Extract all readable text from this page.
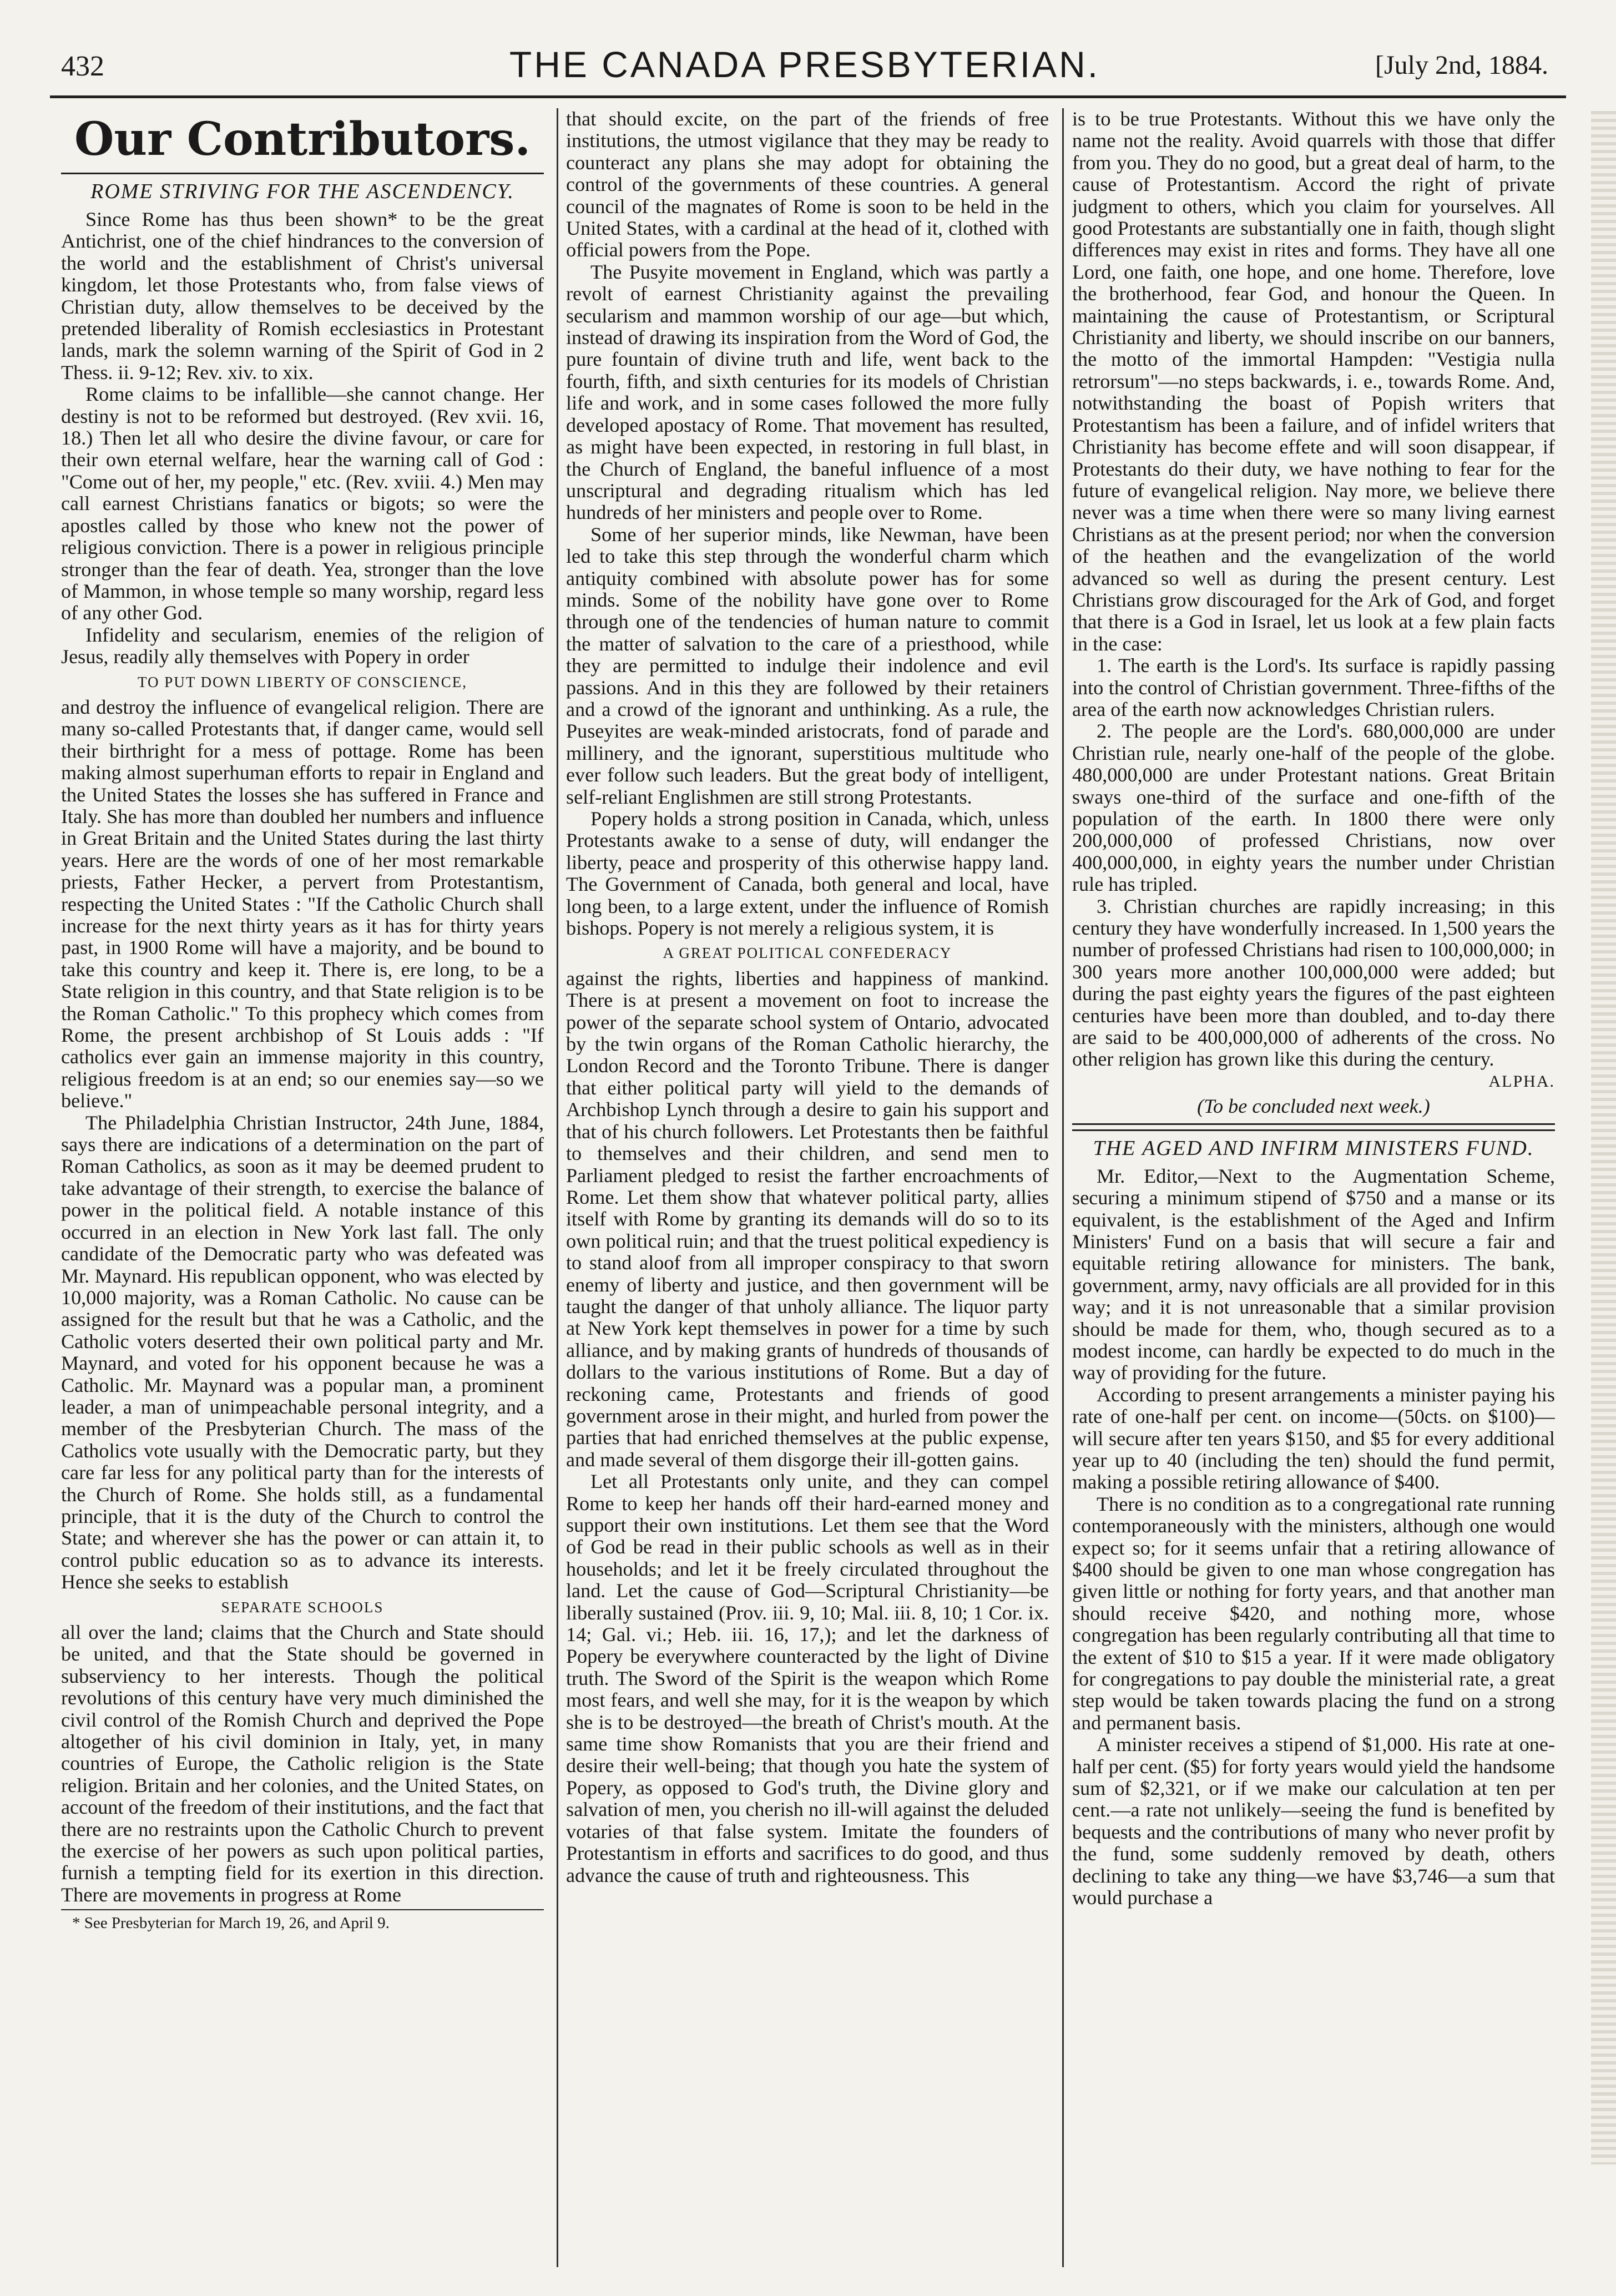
432	THE CANADA PRESBYTERIAN.	[July 2nd, 1884.
Our Contributors.
ROME STRIVING FOR THE ASCENDENCY.

Since Rome has thus been shown* to be the great Antichrist, one of the chief hindrances to the conversion of the world and the establishment of Christ's universal kingdom, let those Protestants who, from false views of Christian duty, allow themselves to be deceived by the pretended liberality of Romish ecclesiastics in Protestant lands, mark the solemn warning of the Spirit of God in 2 Thess. ii. 9-12; Rev. xiv. to xix.

Rome claims to be infallible—she cannot change. Her destiny is not to be reformed but destroyed. (Rev xvii. 16, 18.) Then let all who desire the divine favour, or care for their own eternal welfare, hear the warning call of God : "Come out of her, my people," etc. (Rev. xviii. 4.) Men may call earnest Christians fanatics or bigots; so were the apostles called by those who knew not the power of religious conviction. There is a power in religious principle stronger than the fear of death. Yea, stronger than the love of Mammon, in whose temple so many worship, regard less of any other God.

Infidelity and secularism, enemies of the religion of Jesus, readily ally themselves with Popery in order

TO PUT DOWN LIBERTY OF CONSCIENCE,

and destroy the influence of evangelical religion. There are many so-called Protestants that, if danger came, would sell their birthright for a mess of pottage. Rome has been making almost superhuman efforts to repair in England and the United States the losses she has suffered in France and Italy. She has more than doubled her numbers and influence in Great Britain and the United States during the last thirty years. Here are the words of one of her most remarkable priests, Father Hecker, a pervert from Protestantism, respecting the United States : "If the Catholic Church shall increase for the next thirty years as it has for thirty years past, in 1900 Rome will have a majority, and be bound to take this country and keep it. There is, ere long, to be a State religion in this country, and that State religion is to be the Roman Catholic." To this prophecy which comes from Rome, the present archbishop of St Louis adds : "If catholics ever gain an immense majority in this country, religious freedom is at an end; so our enemies say—so we believe."

The Philadelphia Christian Instructor, 24th June, 1884, says there are indications of a determination on the part of Roman Catholics, as soon as it may be deemed prudent to take advantage of their strength, to exercise the balance of power in the political field. A notable instance of this occurred in an election in New York last fall. The only candidate of the Democratic party who was defeated was Mr. Maynard. His republican opponent, who was elected by 10,000 majority, was a Roman Catholic. No cause can be assigned for the result but that he was a Catholic, and the Catholic voters deserted their own political party and Mr. Maynard, and voted for his opponent because he was a Catholic. Mr. Maynard was a popular man, a prominent leader, a man of unimpeachable personal integrity, and a member of the Presbyterian Church. The mass of the Catholics vote usually with the Democratic party, but they care far less for any political party than for the interests of the Church of Rome. She holds still, as a fundamental principle, that it is the duty of the Church to control the State; and wherever she has the power or can attain it, to control public education so as to advance its interests. Hence she seeks to establish

SEPARATE SCHOOLS

all over the land; claims that the Church and State should be united, and that the State should be governed in subserviency to her interests. Though the political revolutions of this century have very much diminished the civil control of the Romish Church and deprived the Pope altogether of his civil dominion in Italy, yet, in many countries of Europe, the Catholic religion is the State religion. Britain and her colonies, and the United States, on account of the freedom of their institutions, and the fact that there are no restraints upon the Catholic Church to prevent the exercise of her powers as such upon political parties, furnish a tempting field for its exertion in this direction. There are movements in progress at Rome

* See Presbyterian for March 19, 26, and April 9.

that should excite, on the part of the friends of free institutions, the utmost vigilance that they may be ready to counteract any plans she may adopt for obtaining the control of the governments of these countries. A general council of the magnates of Rome is soon to be held in the United States, with a cardinal at the head of it, clothed with official powers from the Pope.

The Pusyite movement in England, which was partly a revolt of earnest Christianity against the prevailing secularism and mammon worship of our age—but which, instead of drawing its inspiration from the Word of God, the pure fountain of divine truth and life, went back to the fourth, fifth, and sixth centuries for its models of Christian life and work, and in some cases followed the more fully developed apostacy of Rome. That movement has resulted, as might have been expected, in restoring in full blast, in the Church of England, the baneful influence of a most unscriptural and degrading ritualism which has led hundreds of her ministers and people over to Rome.

Some of her superior minds, like Newman, have been led to take this step through the wonderful charm which antiquity combined with absolute power has for some minds. Some of the nobility have gone over to Rome through one of the tendencies of human nature to commit the matter of salvation to the care of a priesthood, while they are permitted to indulge their indolence and evil passions. And in this they are followed by their retainers and a crowd of the ignorant and unthinking. As a rule, the Puseyites are weak-minded aristocrats, fond of parade and millinery, and the ignorant, superstitious multitude who ever follow such leaders. But the great body of intelligent, self-reliant Englishmen are still strong Protestants.

Popery holds a strong position in Canada, which, unless Protestants awake to a sense of duty, will endanger the liberty, peace and prosperity of this otherwise happy land. The Government of Canada, both general and local, have long been, to a large extent, under the influence of Romish bishops. Popery is not merely a religious system, it is

A GREAT POLITICAL CONFEDERACY

against the rights, liberties and happiness of mankind. There is at present a movement on foot to increase the power of the separate school system of Ontario, advocated by the twin organs of the Roman Catholic hierarchy, the London Record and the Toronto Tribune. There is danger that either political party will yield to the demands of Archbishop Lynch through a desire to gain his support and that of his church followers. Let Protestants then be faithful to themselves and their children, and send men to Parliament pledged to resist the farther encroachments of Rome. Let them show that whatever political party, allies itself with Rome by granting its demands will do so to its own political ruin; and that the truest political expediency is to stand aloof from all improper conspiracy to that sworn enemy of liberty and justice, and then government will be taught the danger of that unholy alliance. The liquor party at New York kept themselves in power for a time by such alliance, and by making grants of hundreds of thousands of dollars to the various institutions of Rome. But a day of reckoning came, Protestants and friends of good government arose in their might, and hurled from power the parties that had enriched themselves at the public expense, and made several of them disgorge their ill-gotten gains.

Let all Protestants only unite, and they can compel Rome to keep her hands off their hard-earned money and support their own institutions. Let them see that the Word of God be read in their public schools as well as in their households; and let it be freely circulated throughout the land. Let the cause of God—Scriptural Christianity—be liberally sustained (Prov. iii. 9, 10; Mal. iii. 8, 10; 1 Cor. ix. 14; Gal. vi.; Heb. iii. 16, 17,); and let the darkness of Popery be everywhere counteracted by the light of Divine truth. The Sword of the Spirit is the weapon which Rome most fears, and well she may, for it is the weapon by which she is to be destroyed—the breath of Christ's mouth. At the same time show Romanists that you are their friend and desire their well-being; that though you hate the system of Popery, as opposed to God's truth, the Divine glory and salvation of men, you cherish no ill-will against the deluded votaries of that false system. Imitate the founders of Protestantism in efforts and sacrifices to do good, and thus advance the cause of truth and righteousness. This

is to be true Protestants. Without this we have only the name not the reality. Avoid quarrels with those that differ from you. They do no good, but a great deal of harm, to the cause of Protestantism. Accord the right of private judgment to others, which you claim for yourselves. All good Protestants are substantially one in faith, though slight differences may exist in rites and forms. They have all one Lord, one faith, one hope, and one home. Therefore, love the brotherhood, fear God, and honour the Queen. In maintaining the cause of Protestantism, or Scriptural Christianity and liberty, we should inscribe on our banners, the motto of the immortal Hampden: "Vestigia nulla retrorsum"—no steps backwards, i. e., towards Rome. And, notwithstanding the boast of Popish writers that Protestantism has been a failure, and of infidel writers that Christianity has become effete and will soon disappear, if Protestants do their duty, we have nothing to fear for the future of evangelical religion. Nay more, we believe there never was a time when there were so many living earnest Christians as at the present period; nor when the conversion of the heathen and the evangelization of the world advanced so well as during the present century. Lest Christians grow discouraged for the Ark of God, and forget that there is a God in Israel, let us look at a few plain facts in the case:

1. The earth is the Lord's. Its surface is rapidly passing into the control of Christian government. Three-fifths of the area of the earth now acknowledges Christian rulers.

2. The people are the Lord's. 680,000,000 are under Christian rule, nearly one-half of the people of the globe. 480,000,000 are under Protestant nations. Great Britain sways one-third of the surface and one-fifth of the population of the earth. In 1800 there were only 200,000,000 of professed Christians, now over 400,000,000, in eighty years the number under Christian rule has tripled.

3. Christian churches are rapidly increasing; in this century they have wonderfully increased. In 1,500 years the number of professed Christians had risen to 100,000,000; in 300 years more another 100,000,000 were added; but during the past eighty years the figures of the past eighteen centuries have been more than doubled, and to-day there are said to be 400,000,000 of adherents of the cross. No other religion has grown like this during the century.

ALPHA.
(To be concluded next week.)
THE AGED AND INFIRM MINISTERS FUND.

Mr. Editor,—Next to the Augmentation Scheme, securing a minimum stipend of $750 and a manse or its equivalent, is the establishment of the Aged and Infirm Ministers' Fund on a basis that will secure a fair and equitable retiring allowance for ministers. The bank, government, army, navy officials are all provided for in this way; and it is not unreasonable that a similar provision should be made for them, who, though secured as to a modest income, can hardly be expected to do much in the way of providing for the future.

According to present arrangements a minister paying his rate of one-half per cent. on income—(50cts. on $100)—will secure after ten years $150, and $5 for every additional year up to 40 (including the ten) should the fund permit, making a possible retiring allowance of $400.

There is no condition as to a congregational rate running contemporaneously with the ministers, although one would expect so; for it seems unfair that a retiring allowance of $400 should be given to one man whose congregation has given little or nothing for forty years, and that another man should receive $420, and nothing more, whose congregation has been regularly contributing all that time to the extent of $10 to $15 a year. If it were made obligatory for congregations to pay double the ministerial rate, a great step would be taken towards placing the fund on a strong and permanent basis.

A minister receives a stipend of $1,000. His rate at one-half per cent. ($5) for forty years would yield the handsome sum of $2,321, or if we make our calculation at ten per cent.—a rate not unlikely—seeing the fund is benefited by bequests and the contributions of many who never profit by the fund, some suddenly removed by death, others declining to take any thing—we have $3,746—a sum that would purchase a
